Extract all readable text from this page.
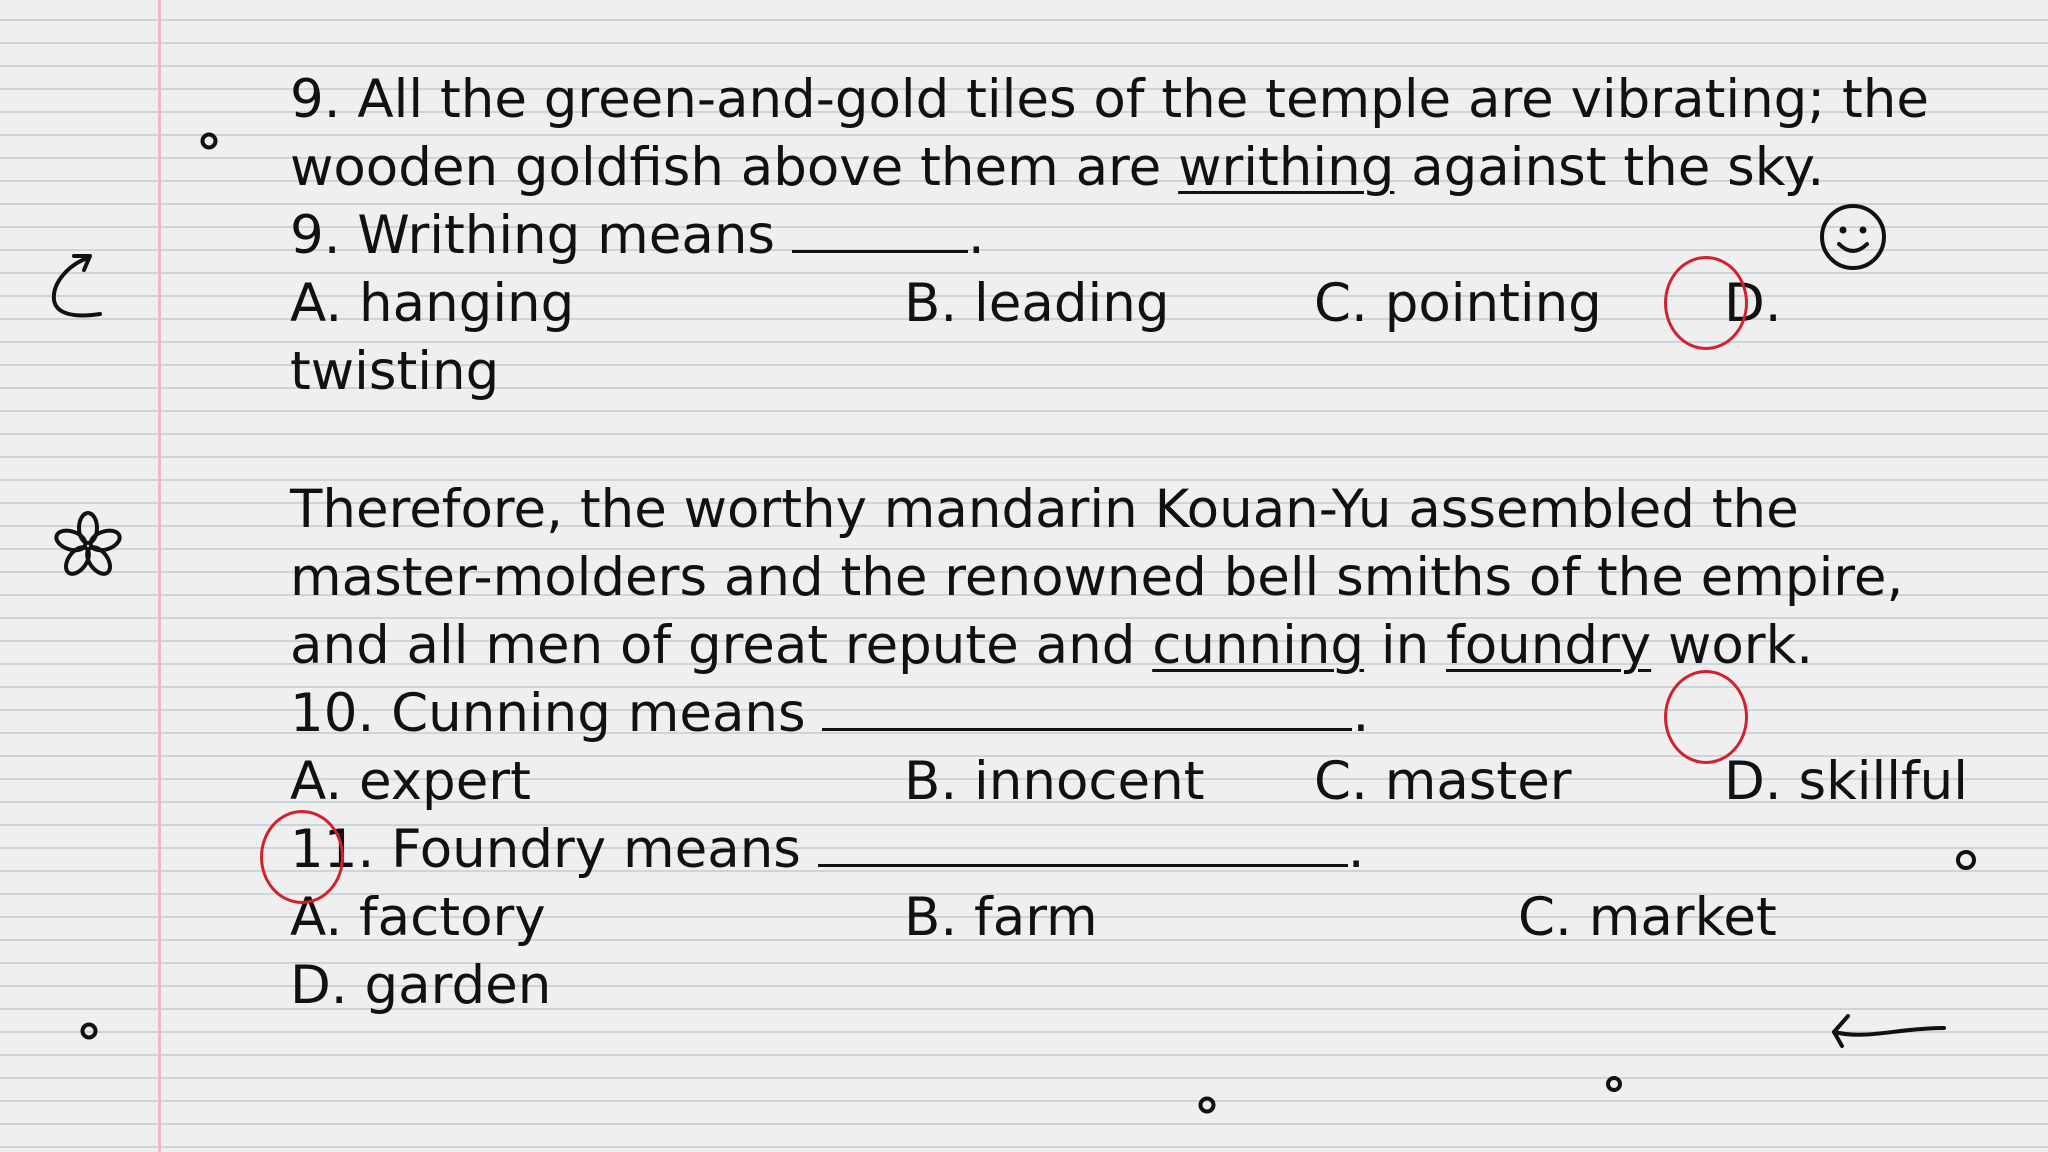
9. All the green-and-gold tiles of the temple are vibrating; the
wooden goldfish above them are writhing against the sky.
9. Writhing means	.
A. hanging	B. leading	C. pointing D.
twisting
Therefore, the worthy mandarin Kouan-Yu assembled the
master-molders and the renowned bell smiths of the empire,
and all men of great repute and cunning in foundry work.
10. Cunning means	.
A. expert	B. innocent C. master	D. skillful
11. Foundry means	.
A. factory	B. farm	C. market
D. garden
